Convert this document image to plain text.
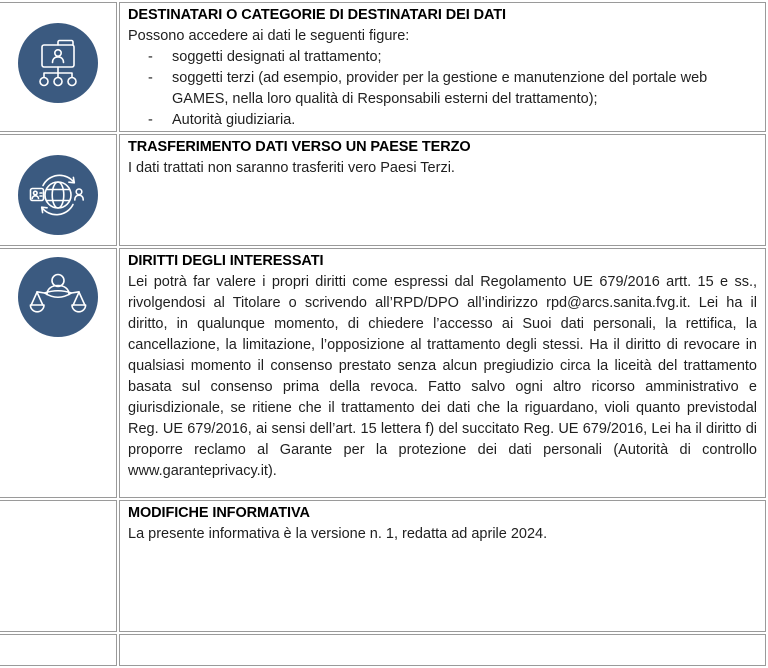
DESTINATARI O CATEGORIE DI DESTINATARI DEI DATI
Possono accedere ai dati le seguenti figure:
-	soggetti designati al trattamento;
-	soggetti terzi (ad esempio, provider per la gestione e manutenzione del portale web GAMES, nella loro qualità di Responsabili esterni del trattamento);
-	Autorità giudiziaria.

TRASFERIMENTO DATI VERSO UN PAESE TERZO

I dati trattati non saranno trasferiti vero Paesi Terzi.

DIRITTI DEGLI INTERESSATI

Lei potrà far valere i propri diritti come espressi dal Regolamento UE 679/2016 artt. 15 e ss., rivolgendosi al Titolare o scrivendo all’RPD/DPO all’indirizzo rpd@arcs.sanita.fvg.it. Lei ha il diritto, in qualunque momento, di chiedere l’accesso ai Suoi dati personali, la rettifica, la cancellazione, la limitazione, l’opposizione al trattamento degli stessi. Ha il diritto di revocare in qualsiasi momento il consenso prestato senza alcun pregiudizio circa la liceità del trattamento basata sul consenso prima della revoca. Fatto salvo ogni altro ricorso amministrativo e giurisdizionale, se ritiene che il trattamento dei dati che la riguardano, violi quanto previstodal Reg. UE 679/2016, ai sensi dell’art. 15 lettera f) del succitato Reg. UE 679/2016, Lei ha il diritto di proporre reclamo al Garante per la protezione dei dati personali (Autorità di controllo www.garanteprivacy.it).

	MODIFICHE INFORMATIVA

La presente informativa è la versione n. 1, redatta ad aprile 2024.
